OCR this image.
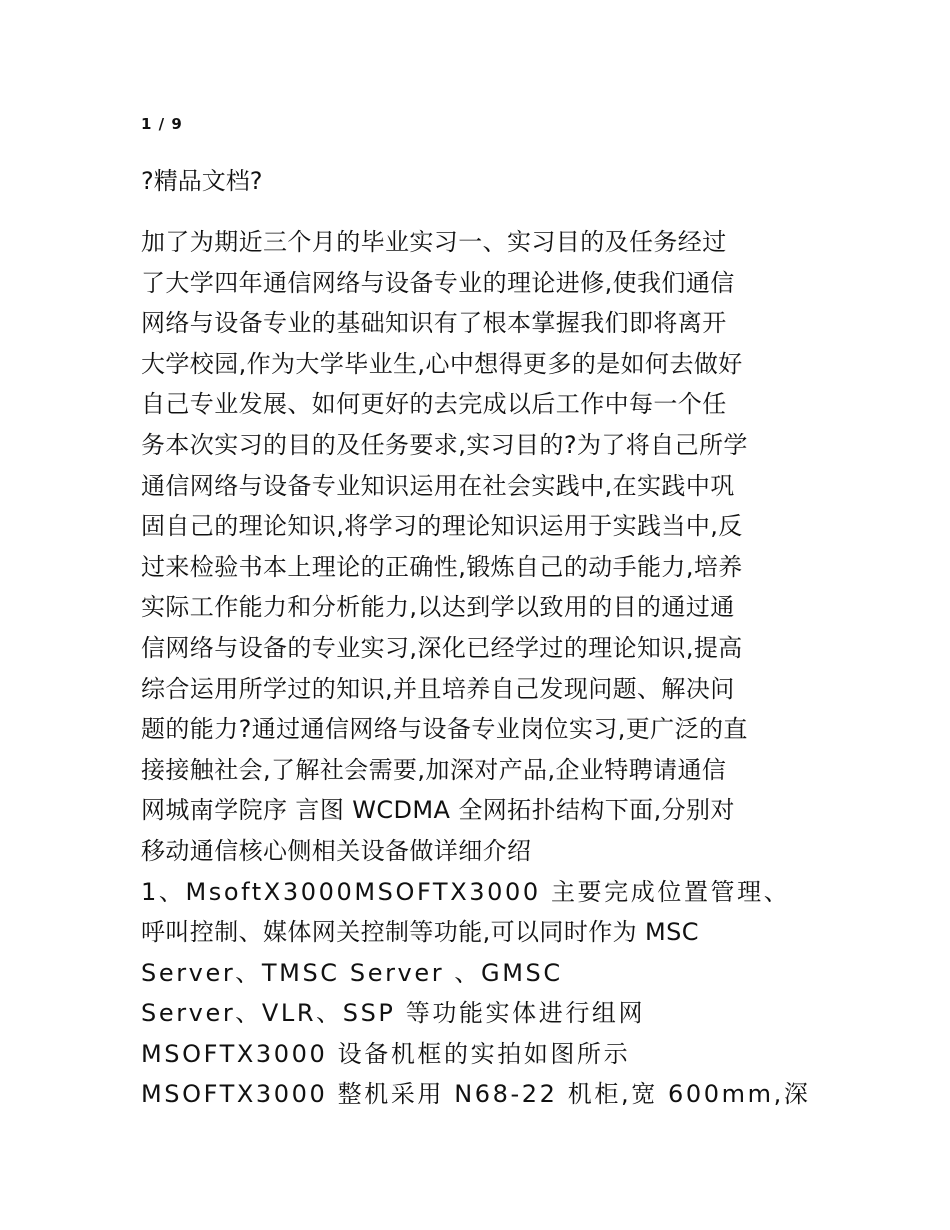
1 / 9
?精品文档?
加了为期近三个月的毕业实习一、实习目的及任务经过
了大学四年通信网络与设备专业的理论进修,使我们通信
网络与设备专业的基础知识有了根本掌握我们即将离开
大学校园,作为大学毕业生,心中想得更多的是如何去做好
自己专业发展、如何更好的去完成以后工作中每一个任
务本次实习的目的及任务要求,实习目的?为了将自己所学
通信网络与设备专业知识运用在社会实践中,在实践中巩
固自己的理论知识,将学习的理论知识运用于实践当中,反
过来检验书本上理论的正确性,锻炼自己的动手能力,培养
实际工作能力和分析能力,以达到学以致用的目的通过通
信网络与设备的专业实习,深化已经学过的理论知识,提高
综合运用所学过的知识,并且培养自己发现问题、解决问
题的能力?通过通信网络与设备专业岗位实习,更广泛的直
接接触社会,了解社会需要,加深对产品,企业特聘请通信
网城南学院序 言图 WCDMA 全网拓扑结构下面,分别对
移动通信核心侧相关设备做详细介绍
1、MsoftX3000MSOFTX3000 主要完成位置管理、
呼叫控制、媒体网关控制等功能,可以同时作为 MSC
Server、TMSC Server 、GMSC
Server、VLR、SSP 等功能实体进行组网
MSOFTX3000 设备机框的实拍如图所示
MSOFTX3000 整机采用 N68-22 机柜,宽 600mm,深
